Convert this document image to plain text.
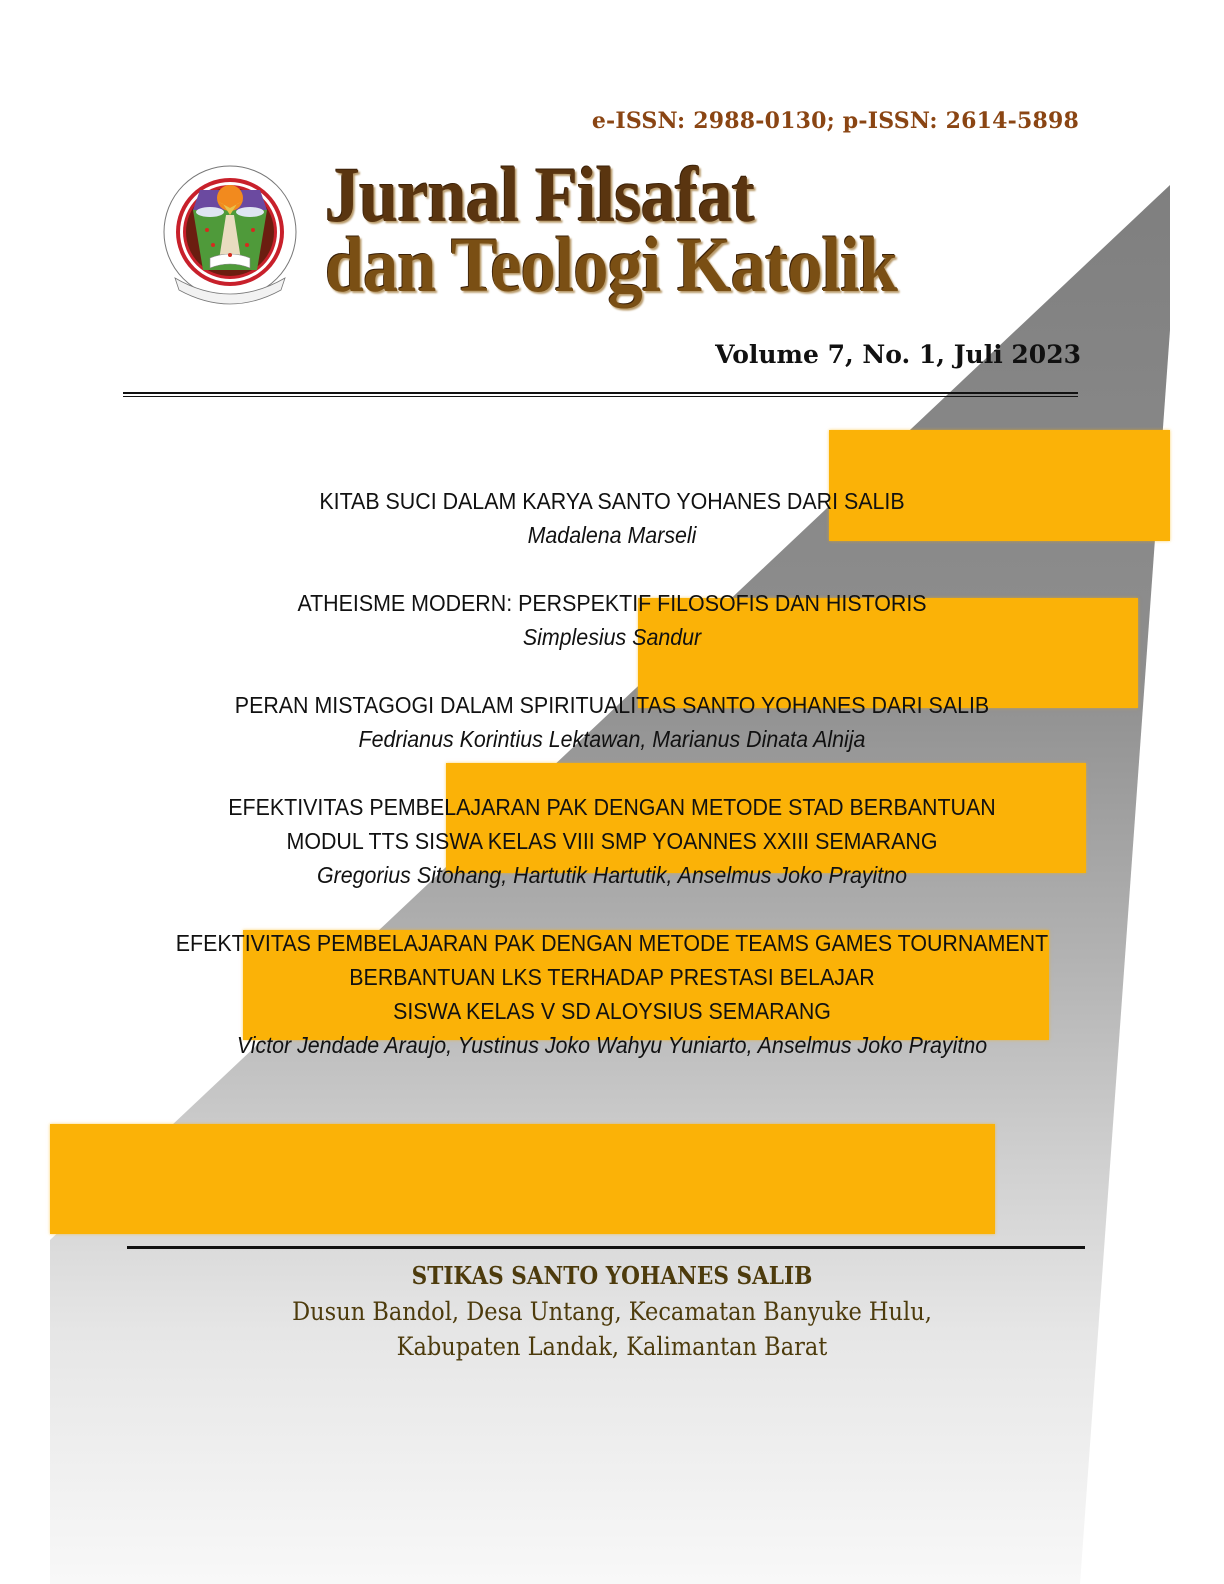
e-ISSN: 2988-0130; p-ISSN: 2614-5898
Jurnal Filsafat
dan Teologi Katolik
Volume 7, No. 1, Juli 2023
KITAB SUCI DALAM KARYA SANTO YOHANES DARI SALIB
Madalena Marseli
ATHEISME MODERN: PERSPEKTIF FILOSOFIS DAN HISTORIS
Simplesius Sandur
PERAN MISTAGOGI DALAM SPIRITUALITAS SANTO YOHANES DARI SALIB
Fedrianus Korintius Lektawan, Marianus Dinata Alnija
EFEKTIVITAS PEMBELAJARAN PAK DENGAN METODE STAD BERBANTUAN
MODUL TTS SISWA KELAS VIII SMP YOANNES XXIII SEMARANG
Gregorius Sitohang, Hartutik Hartutik, Anselmus Joko Prayitno
EFEKTIVITAS PEMBELAJARAN PAK DENGAN METODE TEAMS GAMES TOURNAMENT
BERBANTUAN LKS TERHADAP PRESTASI BELAJAR
SISWA KELAS V SD ALOYSIUS SEMARANG
Victor Jendade Araujo, Yustinus Joko Wahyu Yuniarto, Anselmus Joko Prayitno
STIKAS SANTO YOHANES SALIB
Dusun Bandol, Desa Untang, Kecamatan Banyuke Hulu,
Kabupaten Landak, Kalimantan Barat
